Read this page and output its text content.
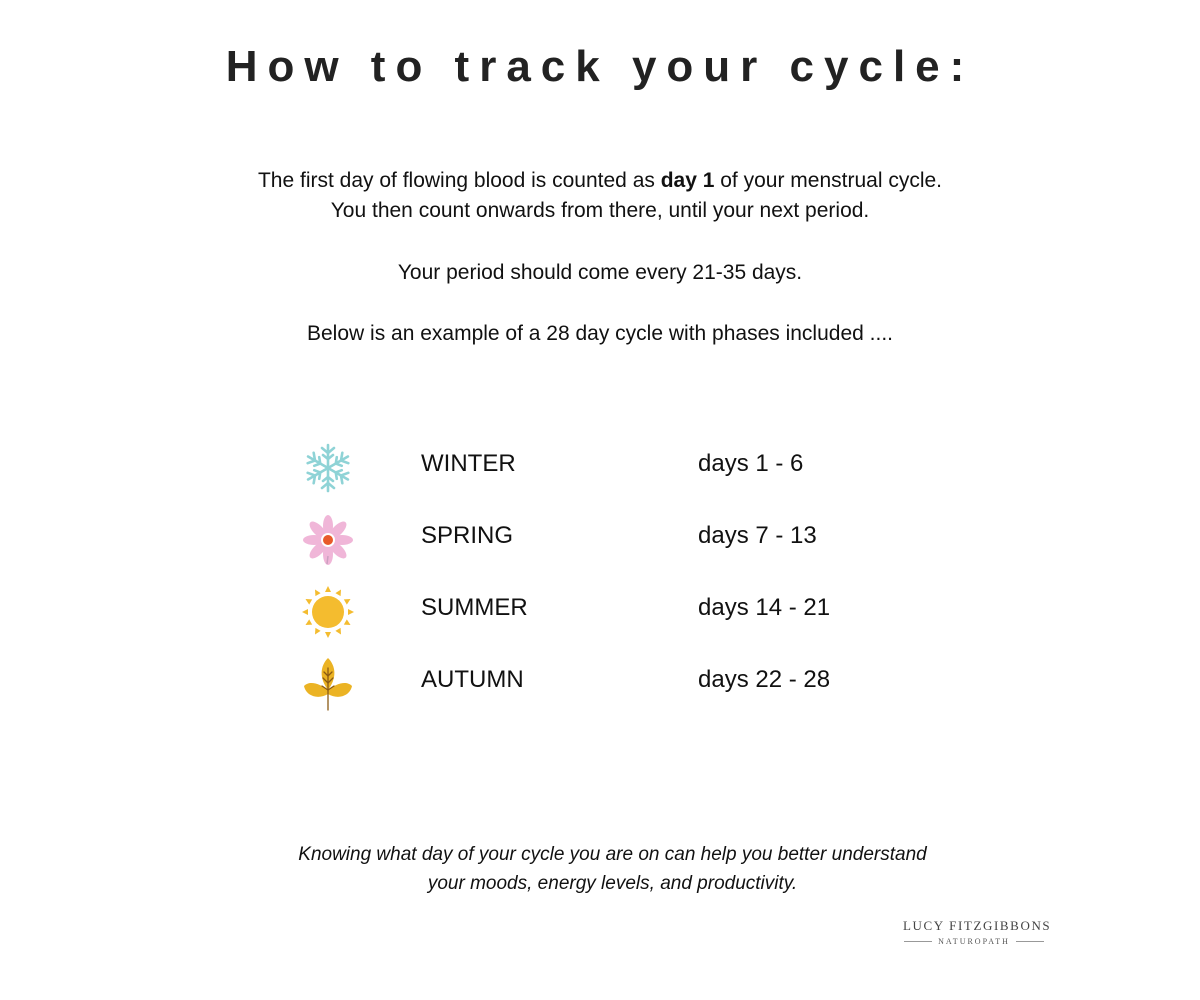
How to track your cycle:

The first day of flowing blood is counted as day 1 of your menstrual cycle.
You then count onwards from there, until your next period.

Your period should come every 21-35 days.

Below is an example of a 28 day cycle with phases included ....

WINTER	days 1 - 6
SPRING	days 7 - 13
SUMMER	days 14 - 21
AUTUMN	days 22 - 28

Knowing what day of your cycle you are on can help you better understand
your moods, energy levels, and productivity.

LUCY FITZGIBBONS
NATUROPATH
